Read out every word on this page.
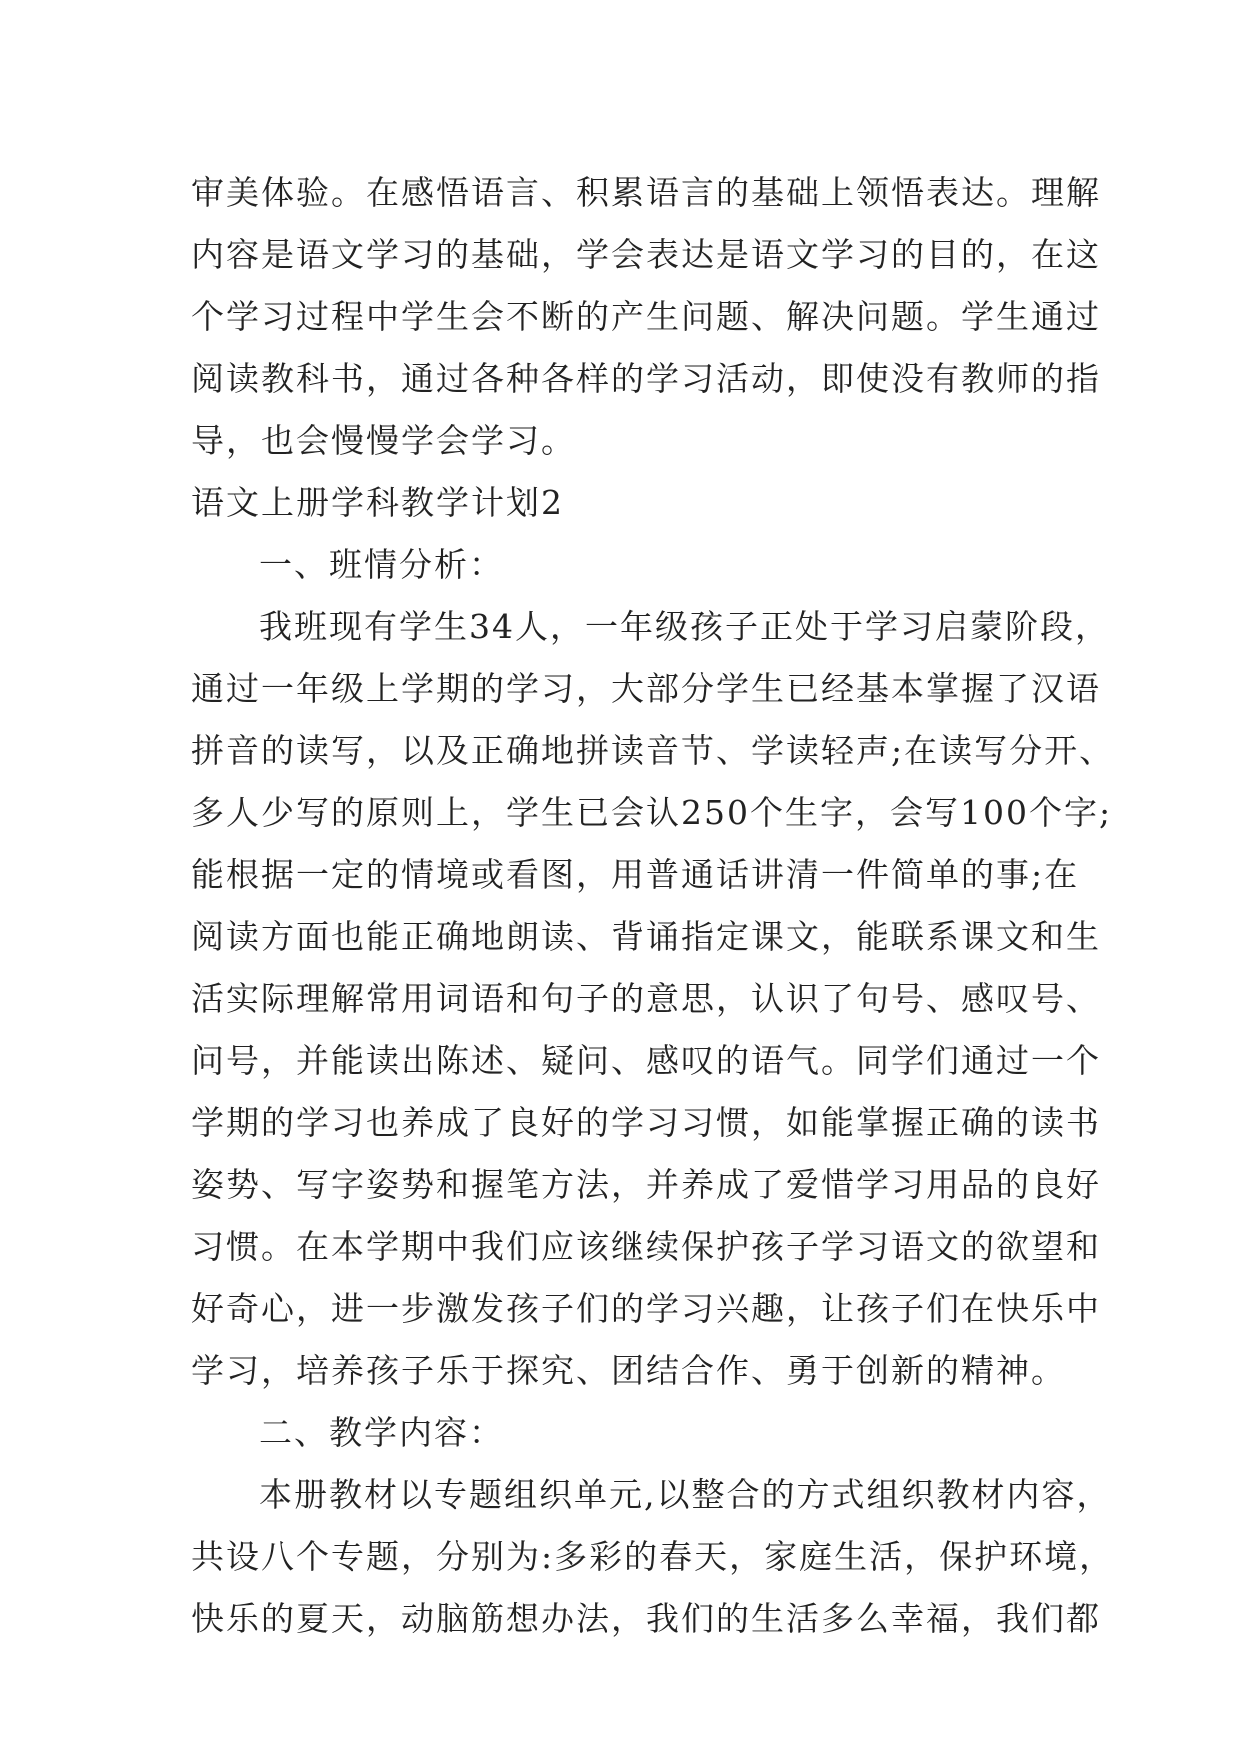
审美体验。在感悟语言、积累语言的基础上领悟表达。理解
内容是语文学习的基础，学会表达是语文学习的目的，在这
个学习过程中学生会不断的产生问题、解决问题。学生通过
阅读教科书，通过各种各样的学习活动，即使没有教师的指
导，也会慢慢学会学习。
语文上册学科教学计划2
一、班情分析：
我班现有学生34人，一年级孩子正处于学习启蒙阶段，
通过一年级上学期的学习，大部分学生已经基本掌握了汉语
拼音的读写，以及正确地拼读音节、学读轻声;在读写分开、
多人少写的原则上，学生已会认250个生字，会写100个字;
能根据一定的情境或看图，用普通话讲清一件简单的事;在
阅读方面也能正确地朗读、背诵指定课文，能联系课文和生
活实际理解常用词语和句子的意思，认识了句号、感叹号、
问号，并能读出陈述、疑问、感叹的语气。同学们通过一个
学期的学习也养成了良好的学习习惯，如能掌握正确的读书
姿势、写字姿势和握笔方法，并养成了爱惜学习用品的良好
习惯。在本学期中我们应该继续保护孩子学习语文的欲望和
好奇心，进一步激发孩子们的学习兴趣，让孩子们在快乐中
学习，培养孩子乐于探究、团结合作、勇于创新的精神。
二、教学内容：
本册教材以专题组织单元,以整合的方式组织教材内容，
共设八个专题，分别为:多彩的春天，家庭生活，保护环境，
快乐的夏天，动脑筋想办法，我们的生活多么幸福，我们都
